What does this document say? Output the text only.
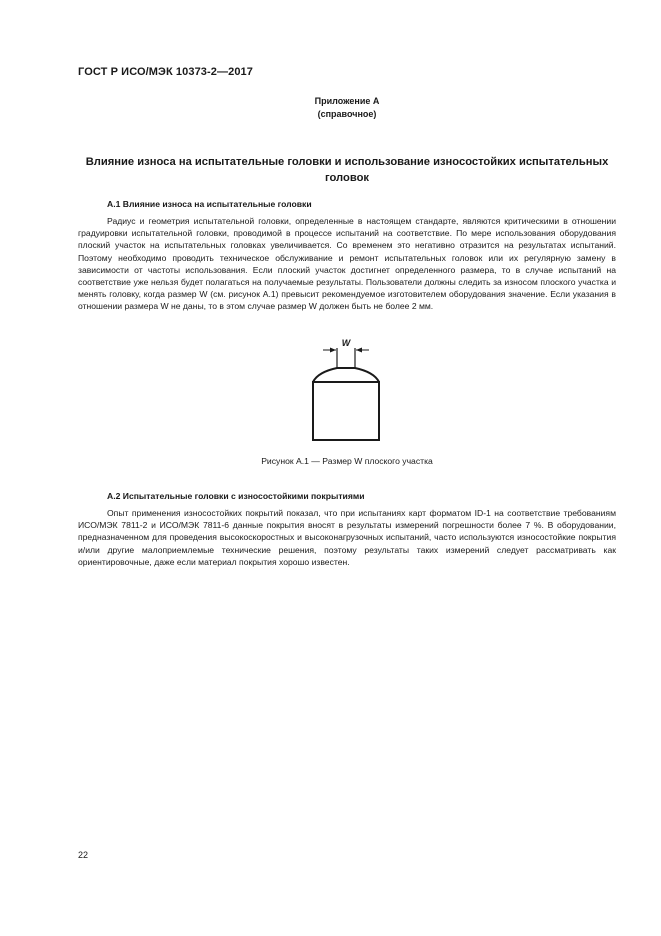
ГОСТ Р ИСО/МЭК 10373-2—2017
Приложение А
(справочное)
Влияние износа на испытательные головки и использование износостойких испытательных головок
А.1 Влияние износа на испытательные головки

Радиус и геометрия испытательной головки, определенные в настоящем стандарте, являются критическими в отношении градуировки испытательной головки, проводимой в процессе испытаний на соответствие. По мере использования оборудования плоский участок на испытательных головках увеличивается. Со временем это негативно отразится на результатах испытаний. Поэтому необходимо проводить техническое обслуживание и ремонт испытательных головок или их регулярную замену в зависимости от частоты использования. Если плоский участок достигнет определенного размера, то в случае испытаний на соответствие уже нельзя будет полагаться на получаемые результаты. Пользователи должны следить за износом плоского участка и менять головку, когда размер W (см. рисунок А.1) превысит рекомендуемое изготовителем оборудования значение. Если указания в отношении размера W не даны, то в этом случае размер W должен быть не более 2 мм.

W
Рисунок А.1 — Размер W плоского участка
А.2 Испытательные головки с износостойкими покрытиями

Опыт применения износостойких покрытий показал, что при испытаниях карт форматом ID-1 на соответствие требованиям ИСО/МЭК 7811-2 и ИСО/МЭК 7811-6 данные покрытия вносят в результаты измерений погрешности более 7 %. В оборудовании, предназначенном для проведения высокоскоростных и высоконагрузочных испытаний, часто используются износостойкие покрытия и/или другие малоприемлемые технические решения, поэтому результаты таких измерений следует рассматривать как ориентировочные, даже если материал покрытия хорошо известен.

22
